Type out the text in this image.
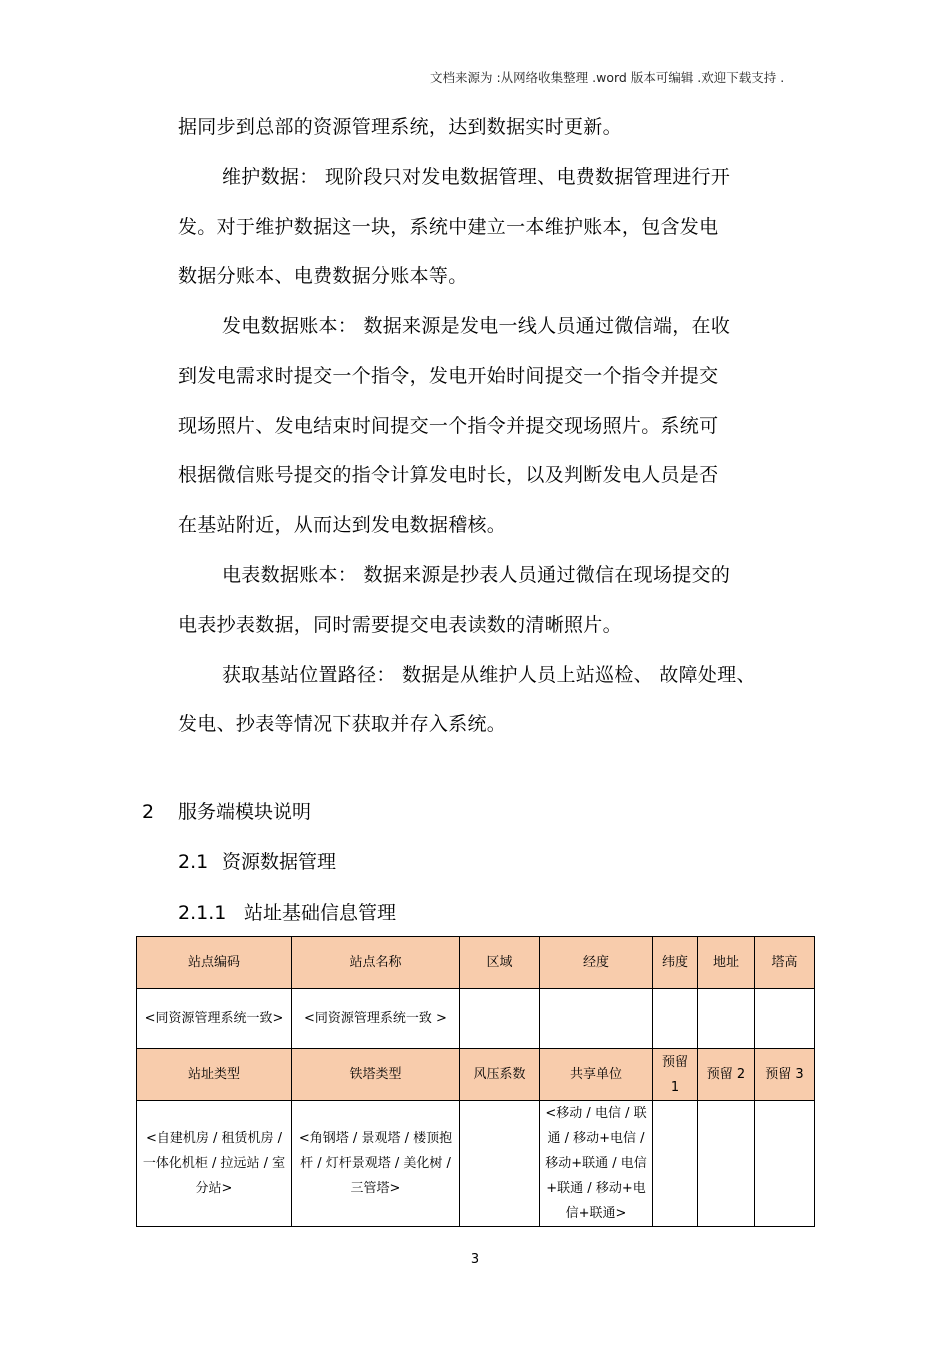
文档来源为 :从网络收集整理 .word 版本可编辑 .欢迎下载支持 .
据同步到总部的资源管理系统，达到数据实时更新。
维护数据： 现阶段只对发电数据管理、电费数据管理进行开
发。对于维护数据这一块，系统中建立一本维护账本，包含发电
数据分账本、电费数据分账本等。
发电数据账本： 数据来源是发电一线人员通过微信端，在收
到发电需求时提交一个指令，发电开始时间提交一个指令并提交
现场照片、发电结束时间提交一个指令并提交现场照片。系统可
根据微信账号提交的指令计算发电时长，以及判断发电人员是否
在基站附近，从而达到发电数据稽核。
电表数据账本： 数据来源是抄表人员通过微信在现场提交的
电表抄表数据，同时需要提交电表读数的清晰照片。
获取基站位置路径： 数据是从维护人员上站巡检、 故障处理、
发电、抄表等情况下获取并存入系统。
2 服务端模块说明
2.1 资源数据管理
2.1.1 站址基础信息管理
站点编码	站点名称	区域	经度	纬度	地址	塔高
<同资源管理系统一致>	<同资源管理系统一致 >					
站址类型	铁塔类型	风压系数	共享单位	预留 1	预留 2	预留 3
<自建机房 / 租赁机房 / 一体化机柜 / 拉远站 / 室分站>	<角钢塔 / 景观塔 / 楼顶抱杆 / 灯杆景观塔 / 美化树 / 三管塔>		<移动 / 电信 / 联通 / 移动+电信 / 移动+联通 / 电信+联通 / 移动+电信+联通>			
3
